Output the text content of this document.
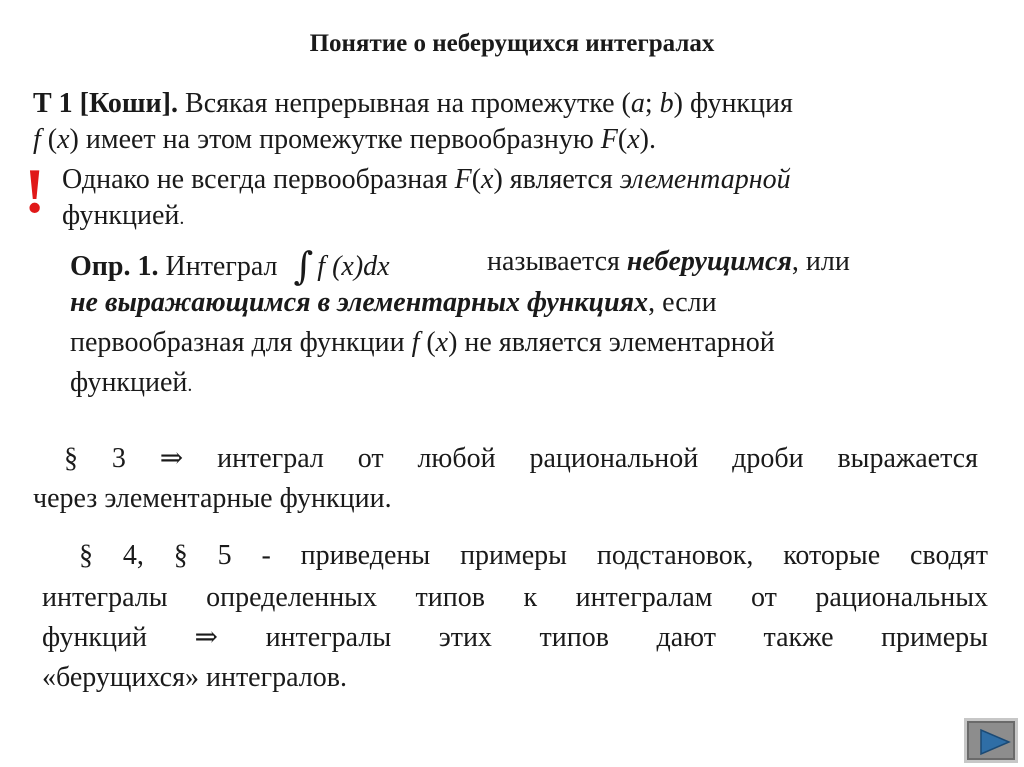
Понятие о неберущихся интегралах
Т 1 [Коши]. Всякая непрерывная на промежутке (a; b) функция
f (x) имеет на этом промежутке первообразную F(x).
! Однако не всегда первообразная F(x) является элементарной
функцией.
Опр. 1. Интеграл ∫ f (x)dx	называется неберущимся, или
не выражающимся в элементарных функциях, если
первообразная для функции f (x) не является элементарной
функцией.
§ 3 ⇒ интеграл от любой рациональной дроби выражается
через элементарные функции.
§ 4, § 5 - приведены примеры подстановок, которые сводят
интегралы определенных типов к интегралам от рациональных
функций ⇒ интегралы этих типов дают также примеры
«берущихся» интегралов.
